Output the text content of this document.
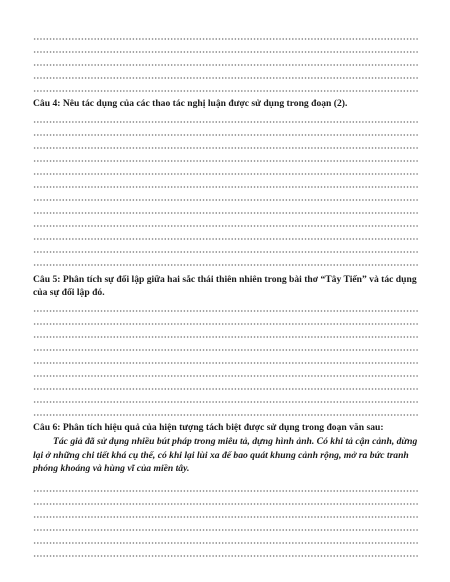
Câu 4: Nêu tác dụng của các thao tác nghị luận được sử dụng trong đoạn (2).

Câu 5: Phân tích sự đối lập giữa hai sắc thái thiên nhiên trong bài thơ “Tây Tiến” và tác dụng của sự đối lập đó.

Câu 6: Phân tích hiệu quả của hiện tượng tách biệt được sử dụng trong đoạn văn sau:

Tác giả đã sử dụng nhiều bút pháp trong miêu tả, dựng hình ảnh. Có khi tả cận cảnh, dừng lại ở những chi tiết khá cụ thể, có khi lại lùi xa để bao quát khung cảnh rộng, mở ra bức tranh phóng khoáng và hùng vĩ của miền tây.
